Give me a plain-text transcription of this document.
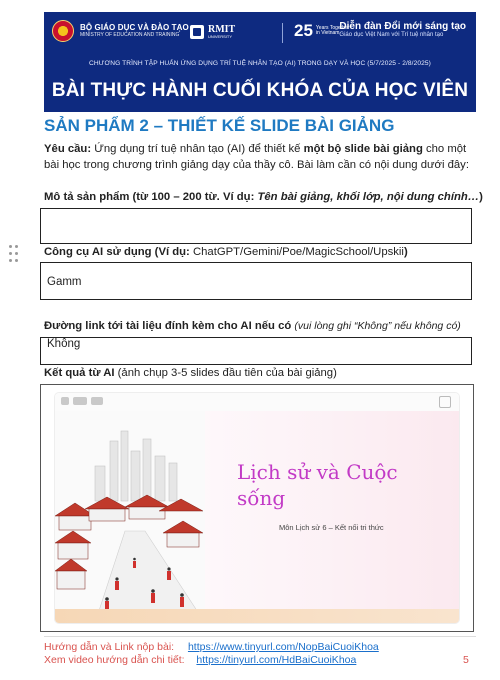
BỘ GIÁO DỤC VÀ ĐÀO TẠO
MINISTRY OF EDUCATION AND TRAINING	RMIT
UNIVERSITY	25 Years Together in Vietnam
Diễn đàn Đổi mới sáng tạo
Giáo dục Việt Nam với Trí tuệ nhân tạo
CHƯƠNG TRÌNH TẬP HUẤN ỨNG DỤNG TRÍ TUỆ NHÂN TẠO (AI) TRONG DẠY VÀ HỌC (5/7/2025 - 2/8/2025)
BÀI THỰC HÀNH CUỐI KHÓA CỦA HỌC VIÊN
SẢN PHẨM 2 – THIẾT KẾ SLIDE BÀI GIẢNG
Yêu cầu: Ứng dụng trí tuệ nhân tạo (AI) để thiết kế một bộ slide bài giảng cho một bài học trong chương trình giảng dạy của thầy cô. Bài làm cần có nội dung dưới đây:
Mô tả sản phẩm (từ 100 – 200 từ. Ví dụ: Tên bài giảng, khối lớp, nội dung chính…)
Công cụ AI sử dụng (Ví dụ: ChatGPT/Gemini/Poe/MagicSchool/Upskii)
Gamm
Đường link tới tài liệu đính kèm cho AI nếu có (vui lòng ghi “Không” nếu không có)
Không
Kết quả từ AI (ảnh chụp 3-5 slides đầu tiên của bài giảng)
Lịch sử và Cuộc sống
Môn Lịch sử 6 – Kết nối tri thức
Hướng dẫn và Link nộp bài: https://www.tinyurl.com/NopBaiCuoiKhoa
Xem video hướng dẫn chi tiết: https://tinyurl.com/HdBaiCuoiKhoa	5
